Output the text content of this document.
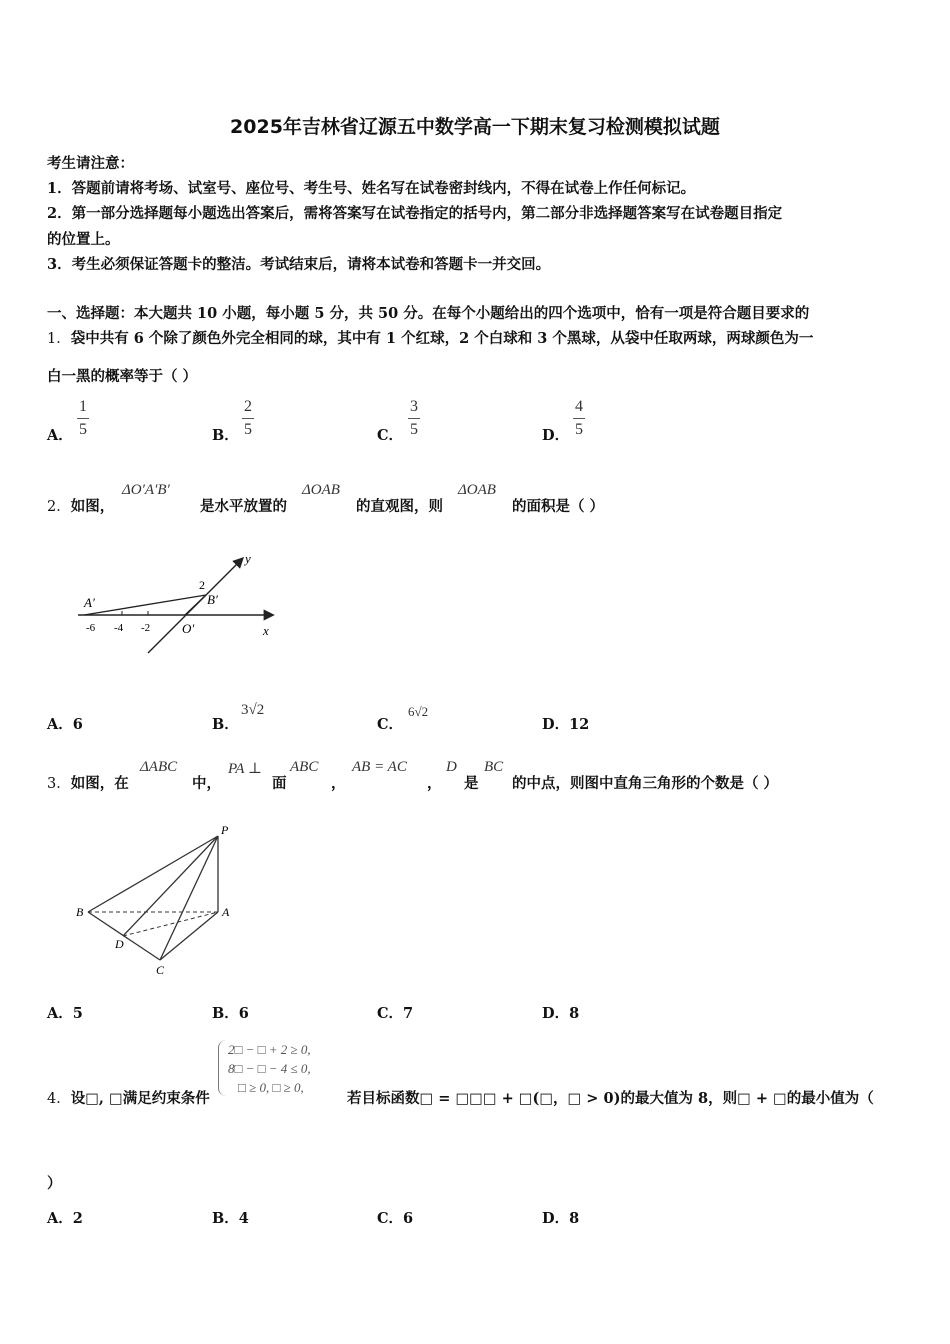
2025年吉林省辽源五中数学高一下期末复习检测模拟试题
考生请注意：
1．答题前请将考场、试室号、座位号、考生号、姓名写在试卷密封线内，不得在试卷上作任何标记。
2．第一部分选择题每小题选出答案后，需将答案写在试卷指定的括号内，第二部分非选择题答案写在试卷题目指定
的位置上。
3．考生必须保证答题卡的整洁。考试结束后，请将本试卷和答题卡一并交回。
一、选择题：本大题共 10 小题，每小题 5 分，共 50 分。在每个小题给出的四个选项中，恰有一项是符合题目要求的
1．袋中共有 6 个除了颜色外完全相同的球，其中有 1 个红球，2 个白球和 3 个黑球，从袋中任取两球，两球颜色为一
白一黑的概率等于（ ）
A．
1
5	B．
2
5	C．
3
5	D．
4
5
2．如图，
ΔO′A′B′
是水平放置的
ΔOAB
的直观图，则
ΔOAB
的面积是（ ）
y
x
A′	B′
O′
2
-6 -4 -2
A．6	B．
3√2
C．
6√2
D．12
3．如图，在
ΔABC
中，
PA ⊥
面
ABC
，
AB = AC
，
D
是
BC
的中点，则图中直角三角形的个数是（ ）
P
B	A
D
C
A．5	B．6	C．7	D．8
4．设□, □满足约束条件
2□ − □ + 2 ≥ 0,
8□ − □ − 4 ≤ 0,
□ ≥ 0, □ ≥ 0,
若目标函数□ = □□□ + □(□，□ > 0)的最大值为 8，则□ + □的最小值为（
）
A．2	B．4	C．6	D．8
